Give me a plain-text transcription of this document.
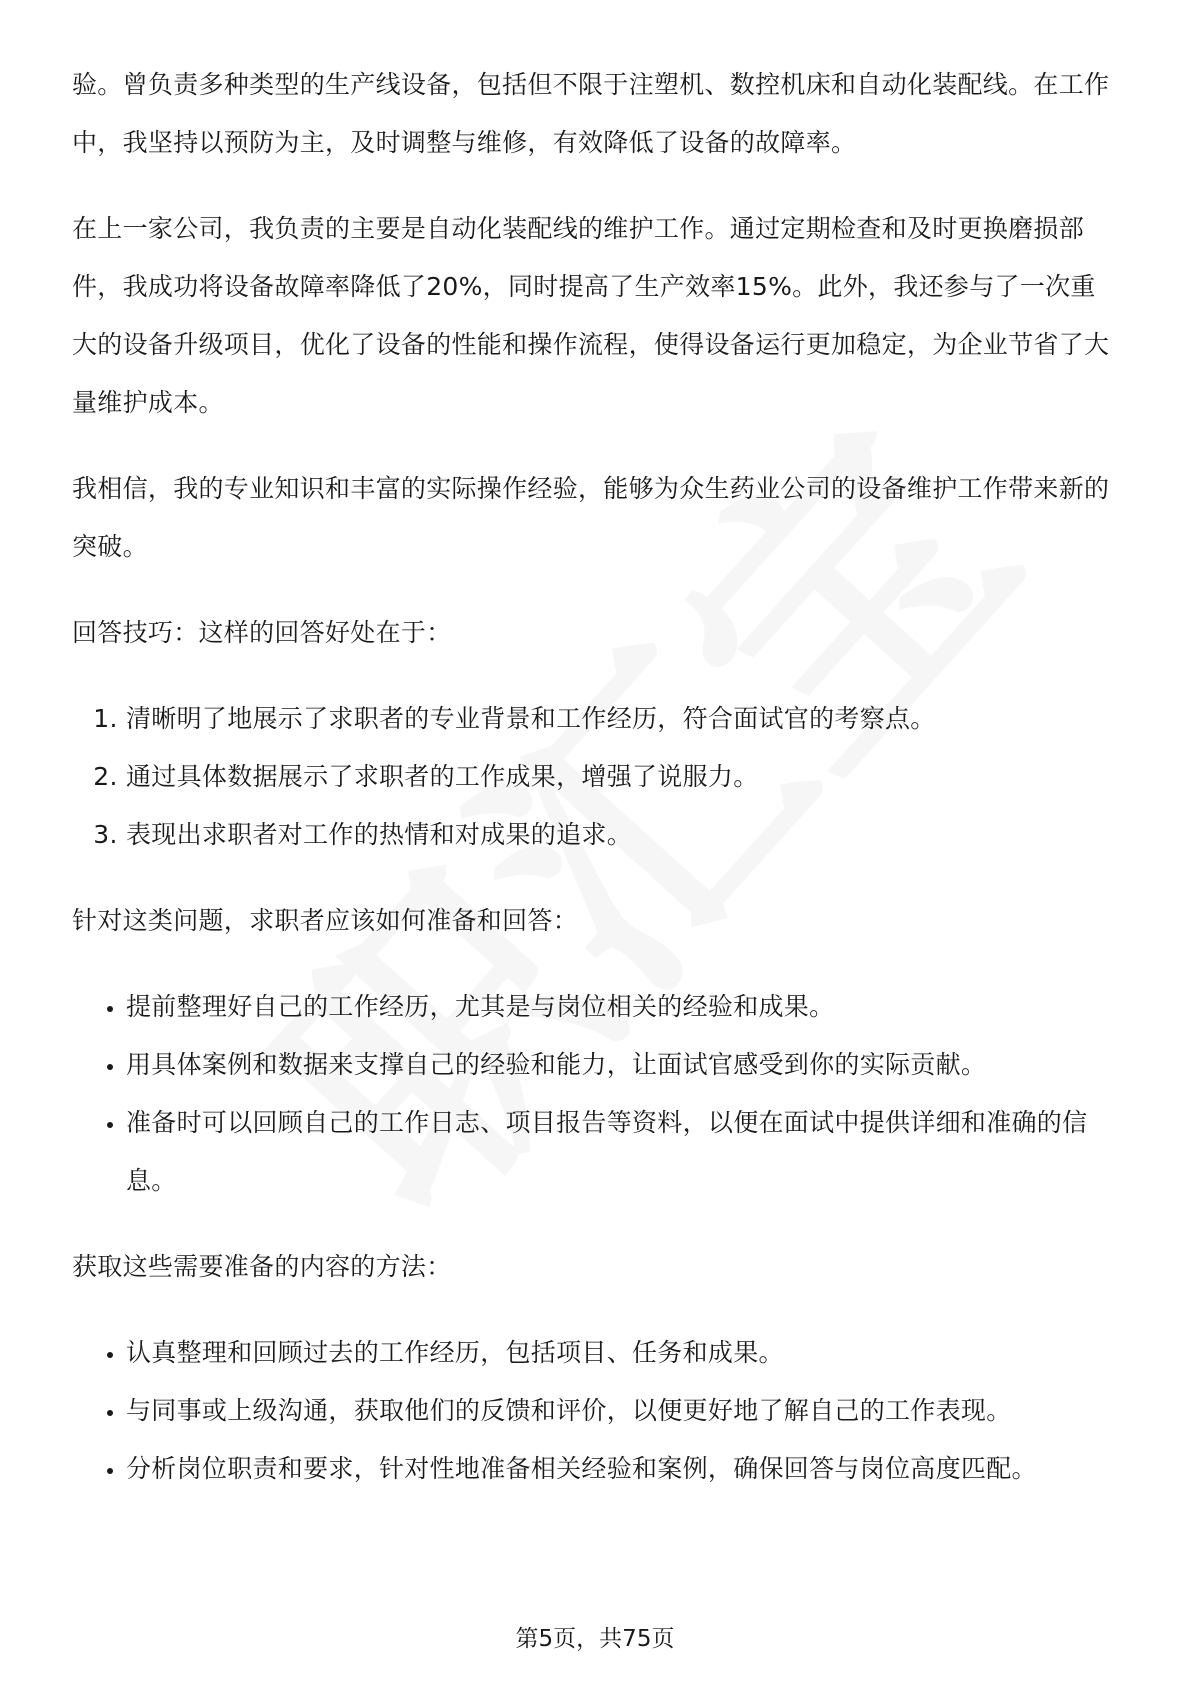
验。曾负责多种类型的生产线设备，包括但不限于注塑机、数控机床和自动化装配线。在工作中，我坚持以预防为主，及时调整与维修，有效降低了设备的故障率。

在上一家公司，我负责的主要是自动化装配线的维护工作。通过定期检查和及时更换磨损部件，我成功将设备故障率降低了20%，同时提高了生产效率15%。此外，我还参与了一次重大的设备升级项目，优化了设备的性能和操作流程，使得设备运行更加稳定，为企业节省了大量维护成本。

我相信，我的专业知识和丰富的实际操作经验，能够为众生药业公司的设备维护工作带来新的突破。

回答技巧：这样的回答好处在于：

1. 清晰明了地展示了求职者的专业背景和工作经历，符合面试官的考察点。
2. 通过具体数据展示了求职者的工作成果，增强了说服力。
3. 表现出求职者对工作的热情和对成果的追求。

针对这类问题，求职者应该如何准备和回答：

• 提前整理好自己的工作经历，尤其是与岗位相关的经验和成果。
• 用具体案例和数据来支撑自己的经验和能力，让面试官感受到你的实际贡献。
• 准备时可以回顾自己的工作日志、项目报告等资料，以便在面试中提供详细和准确的信息。

获取这些需要准备的内容的方法：

• 认真整理和回顾过去的工作经历，包括项目、任务和成果。
• 与同事或上级沟通，获取他们的反馈和评价，以便更好地了解自己的工作表现。
• 分析岗位职责和要求，针对性地准备相关经验和案例，确保回答与岗位高度匹配。
第5页，共75页
